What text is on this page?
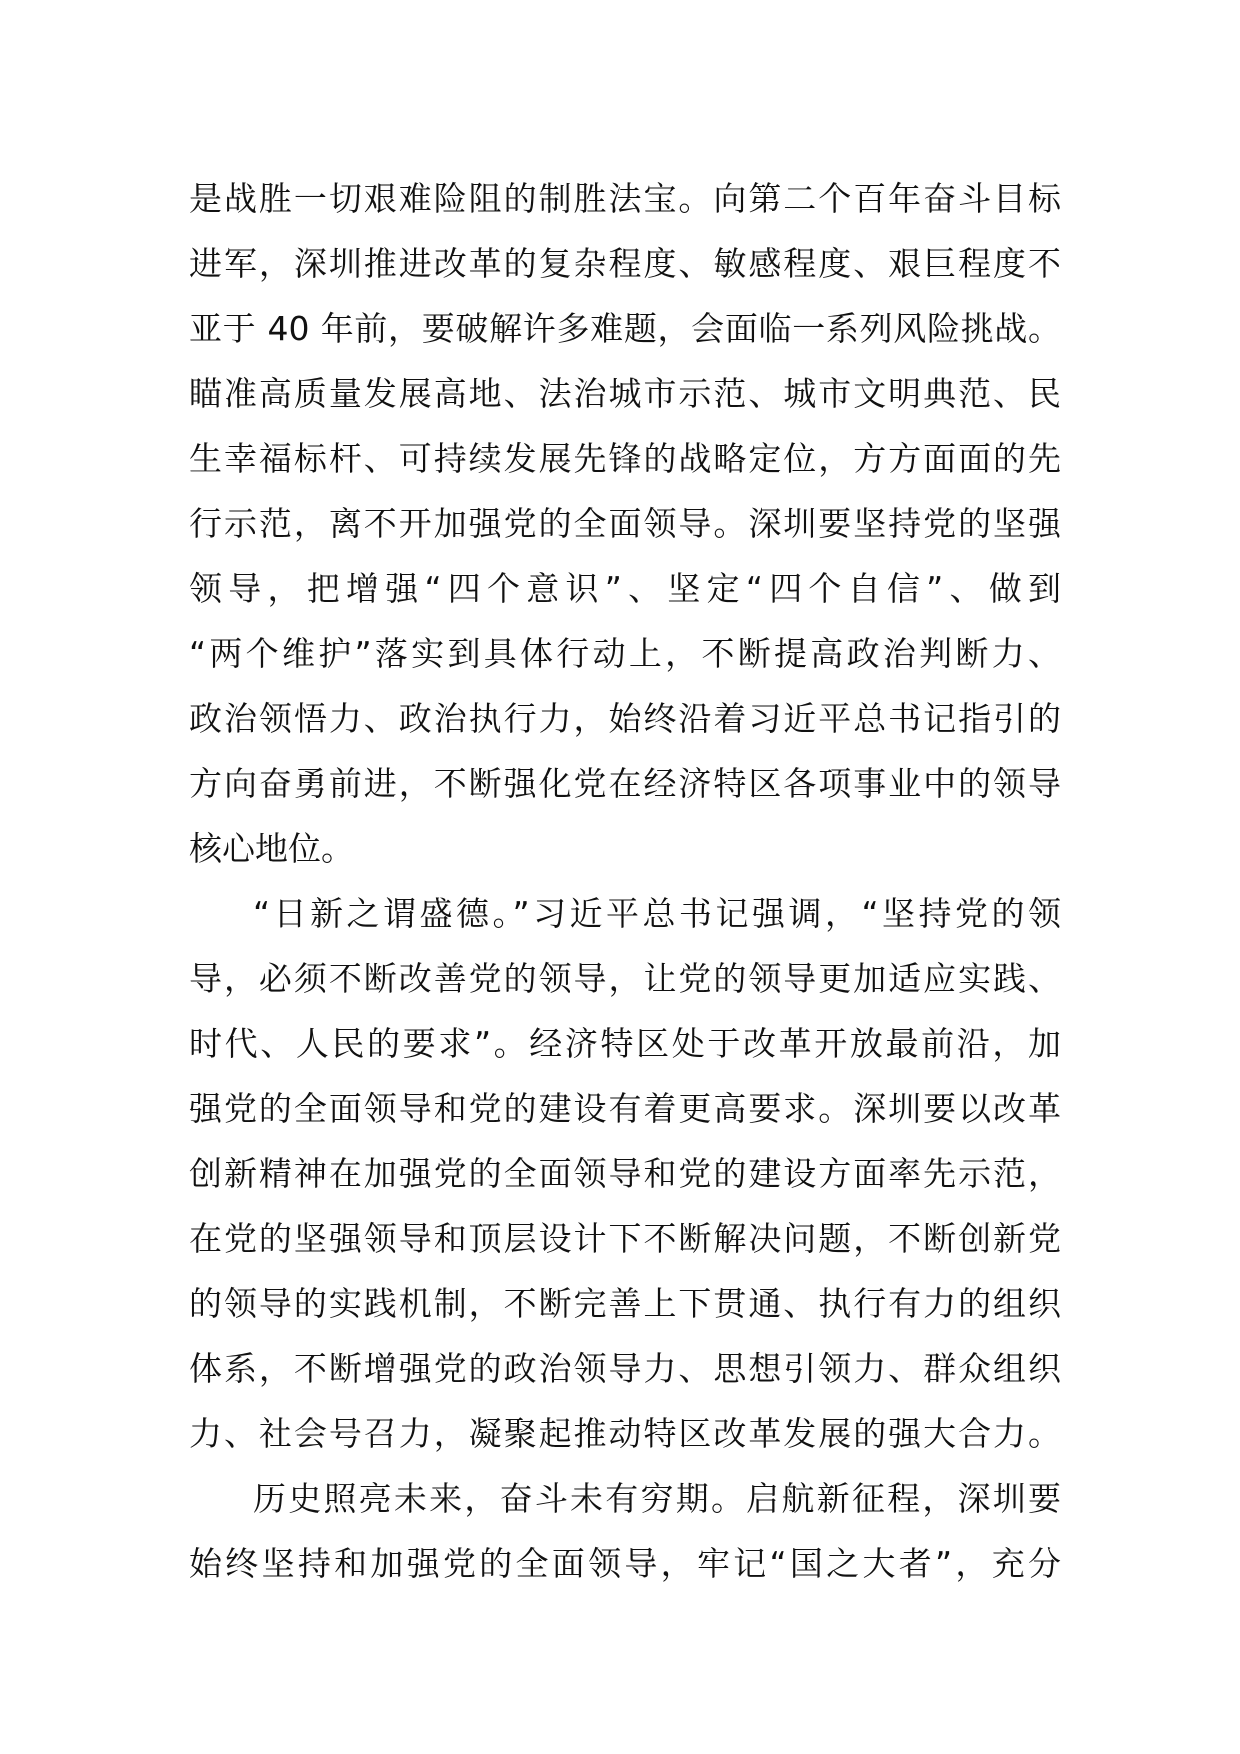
是战胜一切艰难险阻的制胜法宝。向第二个百年奋斗目标
进军，深圳推进改革的复杂程度、敏感程度、艰巨程度不
亚于 40 年前，要破解许多难题，会面临一系列风险挑战。
瞄准高质量发展高地、法治城市示范、城市文明典范、民
生幸福标杆、可持续发展先锋的战略定位，方方面面的先
行示范，离不开加强党的全面领导。深圳要坚持党的坚强
领导，把增强“四个意识”、坚定“四个自信”、做到
“两个维护”落实到具体行动上，不断提高政治判断力、
政治领悟力、政治执行力，始终沿着习近平总书记指引的
方向奋勇前进，不断强化党在经济特区各项事业中的领导
核心地位。
“日新之谓盛德。”习近平总书记强调，“坚持党的领
导，必须不断改善党的领导，让党的领导更加适应实践、
时代、人民的要求”。经济特区处于改革开放最前沿，加
强党的全面领导和党的建设有着更高要求。深圳要以改革
创新精神在加强党的全面领导和党的建设方面率先示范，
在党的坚强领导和顶层设计下不断解决问题，不断创新党
的领导的实践机制，不断完善上下贯通、执行有力的组织
体系，不断增强党的政治领导力、思想引领力、群众组织
力、社会号召力，凝聚起推动特区改革发展的强大合力。
历史照亮未来，奋斗未有穷期。启航新征程，深圳要
始终坚持和加强党的全面领导，牢记“国之大者”，充分
